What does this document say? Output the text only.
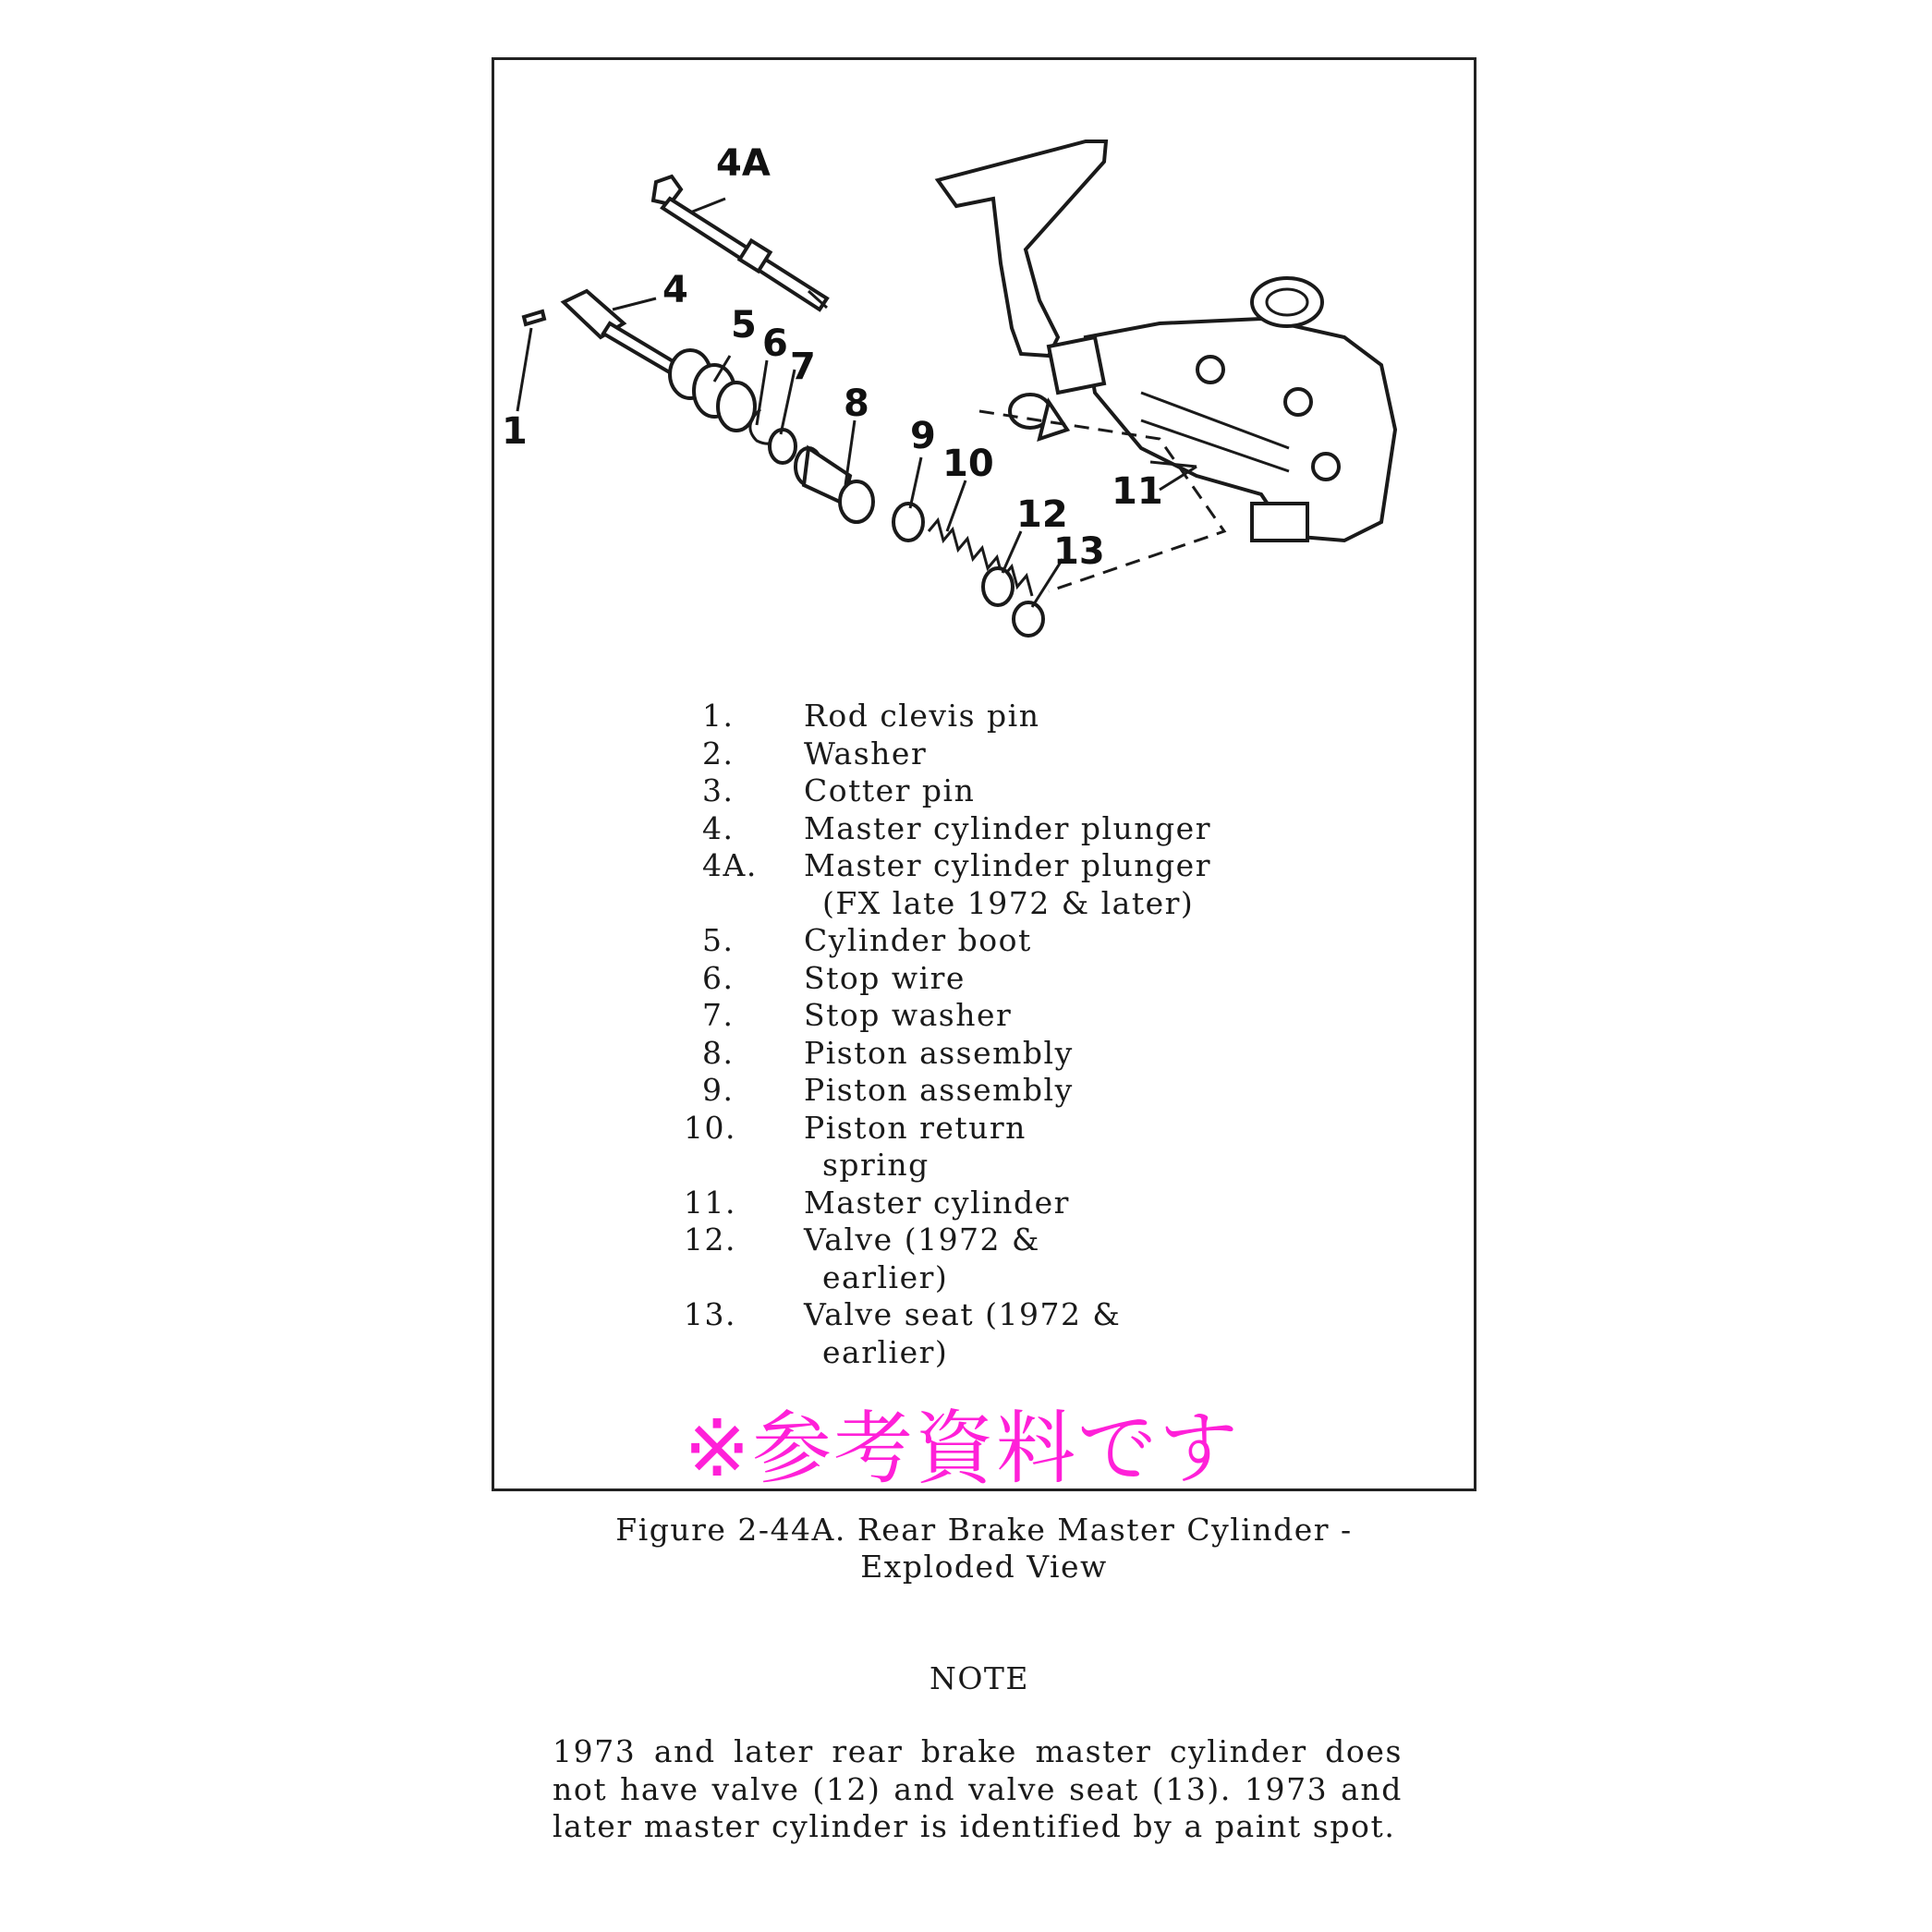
4A
4
1
5 6
7
8
9
10
12
13
11
1.	Rod clevis pin
2.	Washer
3.	Cotter pin
4.	Master cylinder plunger
4A.	Master cylinder plunger
(FX late 1972 & later)
5.	Cylinder boot
6.	Stop wire
7.	Stop washer
8.	Piston assembly
9.	Piston assembly
10.	Piston return
spring
11.	Master cylinder
12.	Valve (1972 &
earlier)
13.	Valve seat (1972 &
earlier)
※参考資料です
Figure 2-44A. Rear Brake Master Cylinder -
Exploded View
NOTE
1973 and later rear brake master cylinder does not have valve (12) and valve seat (13). 1973 and later master cylinder is identified by a paint spot.
